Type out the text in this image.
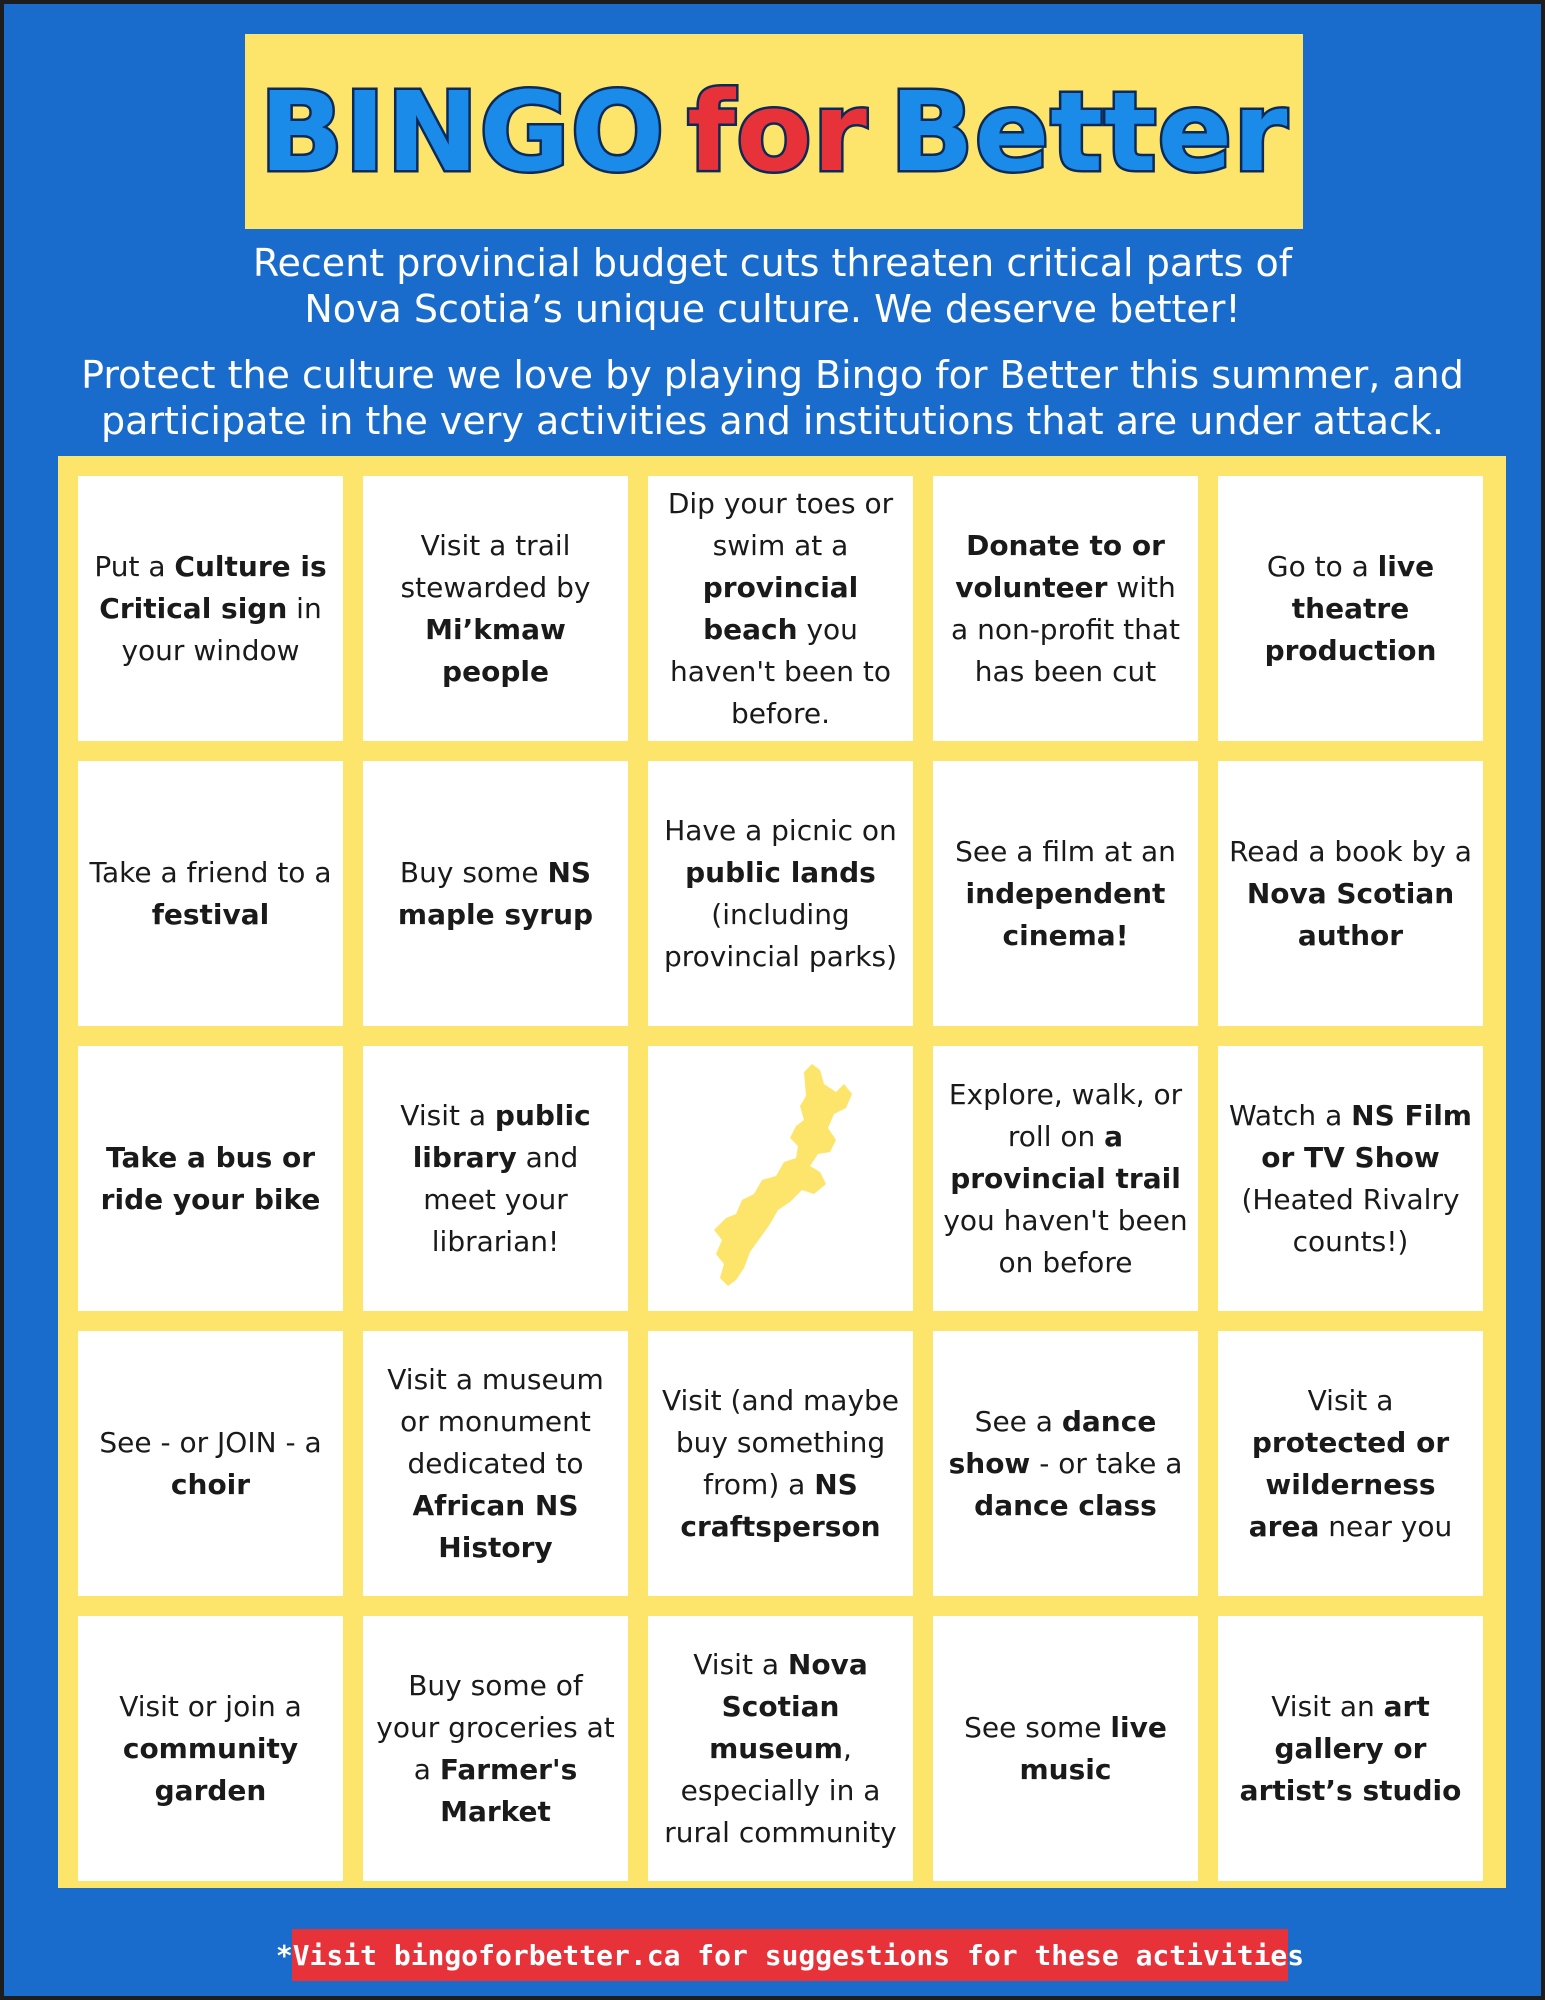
BINGO for Better
Recent provincial budget cuts threaten critical parts of
Nova Scotia’s unique culture. We deserve better!
Protect the culture we love by playing Bingo for Better this summer, and
participate in the very activities and institutions that are under attack.
Put a Culture is Critical sign in your window
Visit a trail stewarded by Mi’kmaw people
Dip your toes or swim at a provincial beach you haven't been to before.
Donate to or volunteer with a non-profit that has been cut
Go to a live theatre production
Take a friend to a festival
Buy some NS maple syrup
Have a picnic on public lands (including provincial parks)
See a film at an independent cinema!
Read a book by a Nova Scotian author
Take a bus or ride your bike
Visit a public library and meet your librarian!
Explore, walk, or roll on a provincial trail you haven't been on before
Watch a NS Film or TV Show (Heated Rivalry counts!)
See - or JOIN - a choir
Visit a museum or monument dedicated to African NS History
Visit (and maybe buy something from) a NS craftsperson
See a dance show - or take a dance class
Visit a protected or wilderness area near you
Visit or join a community garden
Buy some of your groceries at a Farmer's Market
Visit a Nova Scotian museum, especially in a rural community
See some live music
Visit an art gallery or artist’s studio
*Visit bingoforbetter.ca for suggestions for these activities
